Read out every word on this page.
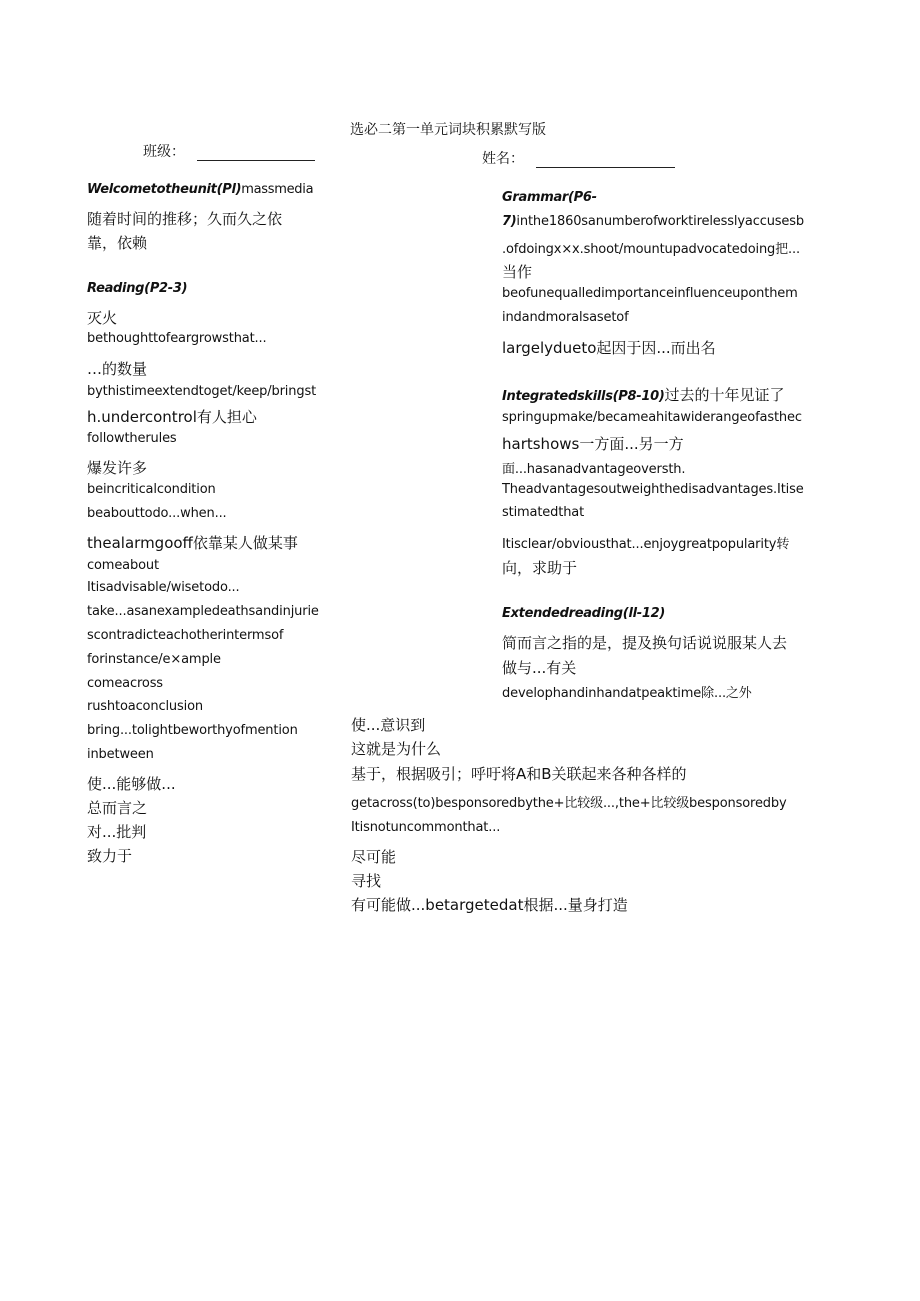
选必二第一单元词块积累默写版
班级：	姓名：
Welcometotheunit(Pl)massmedia
随着时间的推移；久而久之依
靠，依赖
Reading(P2-3)
灭火
bethoughttofeargrowsthat...
…的数量
bythistimeextendtoget/keep/bringst
h.undercontrol有人担心
followtherules
爆发许多
beincriticalcondition
beabouttodo...when...
thealarmgooff依靠某人做某事
comeabout
Itisadvisable/wisetodo...
take...asanexampledeathsandinjurie
scontradicteachotherintermsof
forinstance/e×ample
comeacross
rushtoaconclusion
bring...tolightbeworthyofmention
inbetween
使...能够做...
总而言之
对...批判
致力于
Grammar(P6-
7)inthe1860sanumberofworktirelesslyaccusesb
.ofdoingx×x.shoot/mountupadvocatedoing把...
当作
beofunequalledimportanceinfluenceuponthem
indandmoralsasetof
largelydueto起因于因...而出名
Integratedskills(P8-10)过去的十年见证了
springupmake/becameahitawiderangeofasthec
hartshows一方面...另一方
面...hasanadvantageoversth.
Theadvantagesoutweighthedisadvantages.Itise
stimatedthat
Itisclear/obviousthat...enjoygreatpopularity转
向，求助于
Extendedreading(ll-12)
简而言之指的是，提及换句话说说服某人去
做与...有关
develophandinhandatpeaktime除...之外
使...意识到
这就是为什么
基于，根据吸引；呼吁将A和B关联起来各种各样的
getacross(to)besponsoredbythe+比较级...,the+比较级besponsoredby
Itisnotuncommonthat...
尽可能
寻找
有可能做...betargetedat根据...量身打造
